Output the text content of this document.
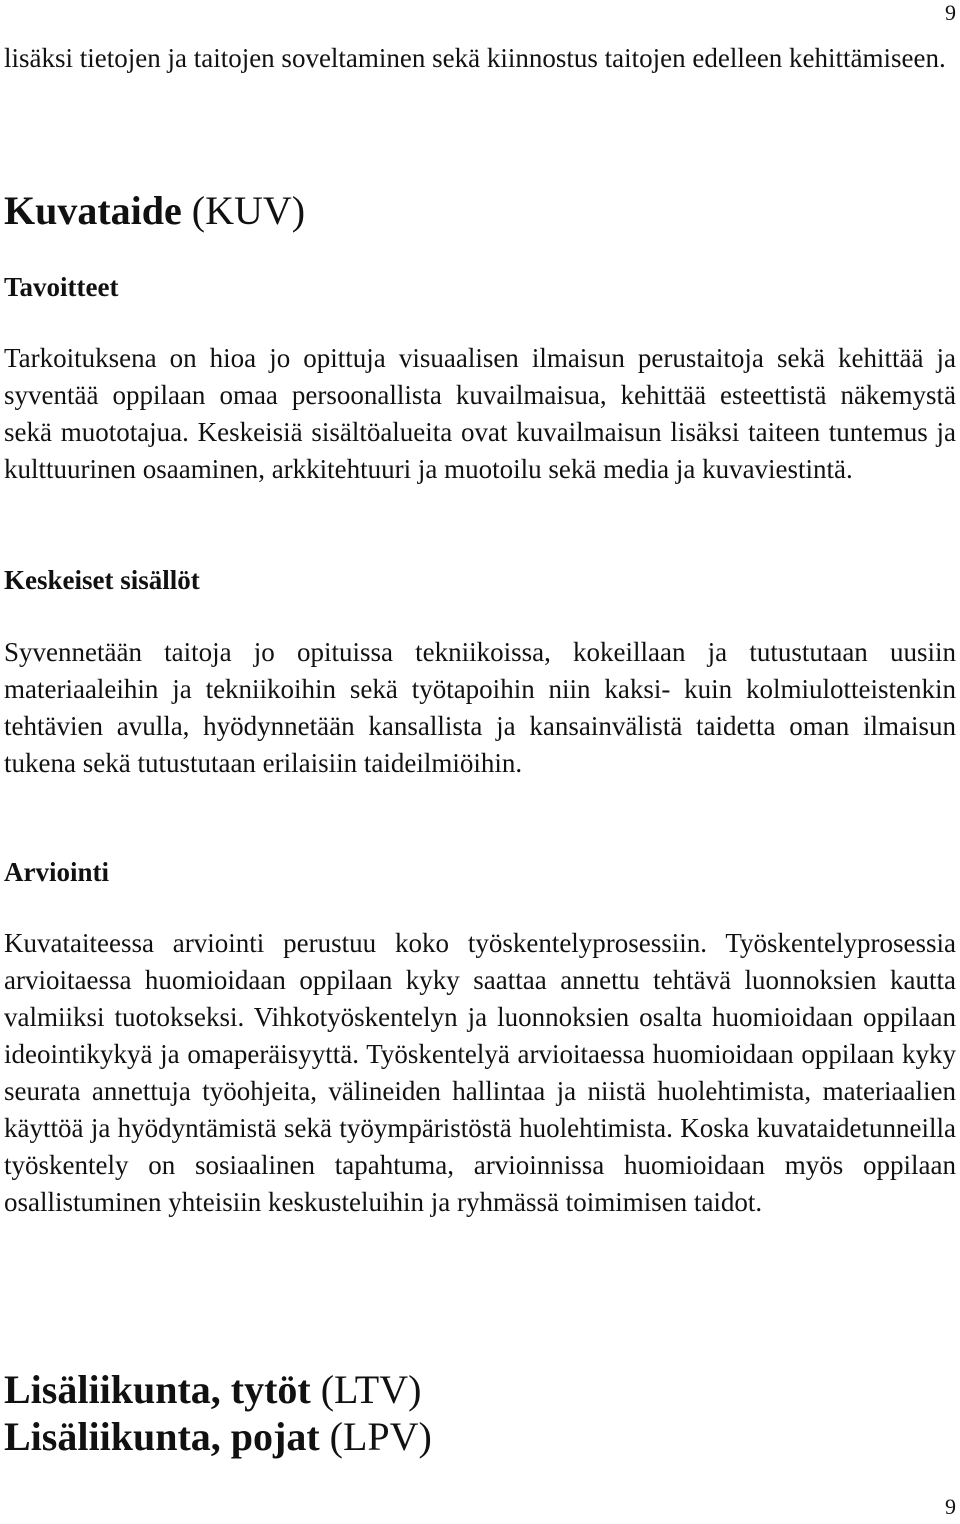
9

lisäksi tietojen ja taitojen soveltaminen sekä kiinnostus taitojen edelleen kehittämiseen.

Kuvataide (KUV)
Tavoitteet

Tarkoituksena on hioa jo opittuja visuaalisen ilmaisun perustaitoja sekä kehittää ja syventää oppilaan omaa persoonallista kuvailmaisua, kehittää esteettistä näkemystä sekä muototajua. Keskeisiä sisältöalueita ovat kuvailmaisun lisäksi taiteen tuntemus ja kulttuurinen osaaminen, arkkitehtuuri ja muotoilu sekä media ja kuvaviestintä.

Keskeiset sisällöt

Syvennetään taitoja jo opituissa tekniikoissa, kokeillaan ja tutustutaan uusiin materiaaleihin ja tekniikoihin sekä työtapoihin niin kaksi- kuin kolmiulotteistenkin tehtävien avulla, hyödynnetään kansallista ja kansainvälistä taidetta oman ilmaisun tukena sekä tutustutaan erilaisiin taideilmiöihin.

Arviointi

Kuvataiteessa arviointi perustuu koko työskentelyprosessiin. Työskentelyprosessia arvioitaessa huomioidaan oppilaan kyky saattaa annettu tehtävä luonnoksien kautta valmiiksi tuotokseksi. Vihkotyöskentelyn ja luonnoksien osalta huomioidaan oppilaan ideointikykyä ja omaperäisyyttä. Työskentelyä arvioitaessa huomioidaan oppilaan kyky seurata annettuja työohjeita, välineiden hallintaa ja niistä huolehtimista, materiaalien käyttöä ja hyödyntämistä sekä työympäristöstä huolehtimista. Koska kuvataidetunneilla työskentely on sosiaalinen tapahtuma, arvioinnissa huomioidaan myös oppilaan osallistuminen yhteisiin keskusteluihin ja ryhmässä toimimisen taidot.

Lisäliikunta, tytöt (LTV)
Lisäliikunta, pojat (LPV)
9
